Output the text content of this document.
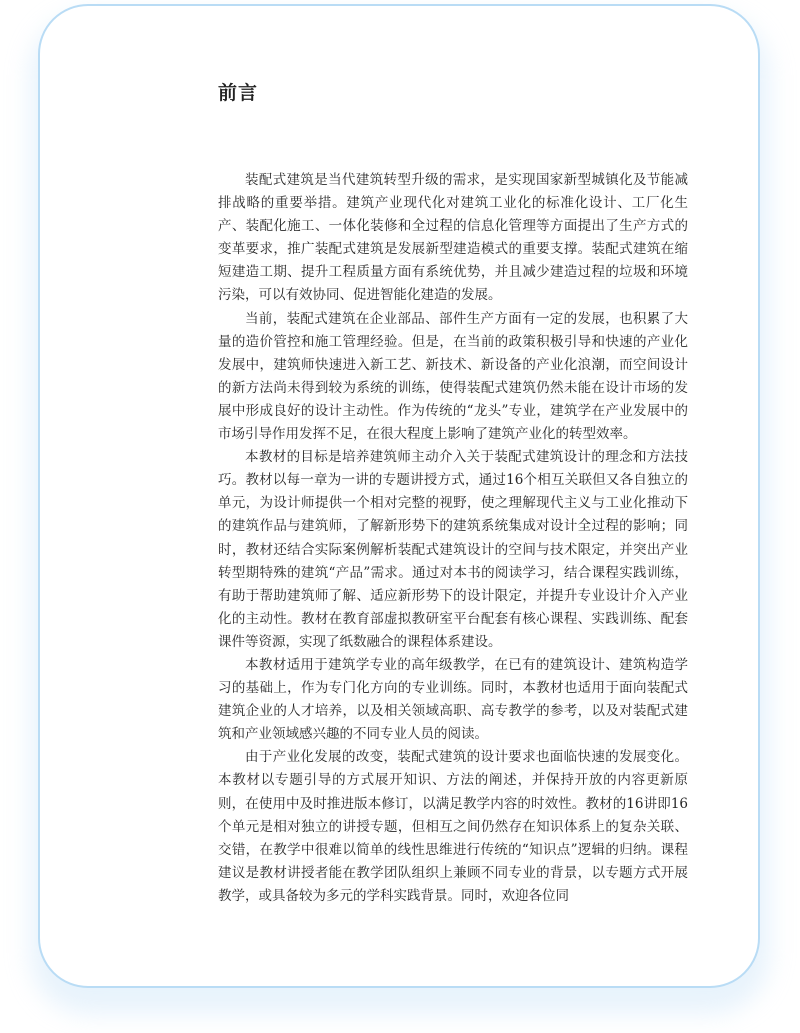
前言

装配式建筑是当代建筑转型升级的需求，是实现国家新型城镇化及节能减排战略的重要举措。建筑产业现代化对建筑工业化的标准化设计、工厂化生产、装配化施工、一体化装修和全过程的信息化管理等方面提出了生产方式的变革要求，推广装配式建筑是发展新型建造模式的重要支撑。装配式建筑在缩短建造工期、提升工程质量方面有系统优势，并且减少建造过程的垃圾和环境污染，可以有效协同、促进智能化建造的发展。

当前，装配式建筑在企业部品、部件生产方面有一定的发展，也积累了大量的造价管控和施工管理经验。但是，在当前的政策积极引导和快速的产业化发展中，建筑师快速进入新工艺、新技术、新设备的产业化浪潮，而空间设计的新方法尚未得到较为系统的训练，使得装配式建筑仍然未能在设计市场的发展中形成良好的设计主动性。作为传统的“龙头”专业，建筑学在产业发展中的市场引导作用发挥不足，在很大程度上影响了建筑产业化的转型效率。

本教材的目标是培养建筑师主动介入关于装配式建筑设计的理念和方法技巧。教材以每一章为一讲的专题讲授方式，通过16个相互关联但又各自独立的单元，为设计师提供一个相对完整的视野，使之理解现代主义与工业化推动下的建筑作品与建筑师，了解新形势下的建筑系统集成对设计全过程的影响；同时，教材还结合实际案例解析装配式建筑设计的空间与技术限定，并突出产业转型期特殊的建筑“产品”需求。通过对本书的阅读学习，结合课程实践训练，有助于帮助建筑师了解、适应新形势下的设计限定，并提升专业设计介入产业化的主动性。教材在教育部虚拟教研室平台配套有核心课程、实践训练、配套课件等资源，实现了纸数融合的课程体系建设。

本教材适用于建筑学专业的高年级教学，在已有的建筑设计、建筑构造学习的基础上，作为专门化方向的专业训练。同时，本教材也适用于面向装配式建筑企业的人才培养，以及相关领域高职、高专教学的参考，以及对装配式建筑和产业领域感兴趣的不同专业人员的阅读。

由于产业化发展的改变，装配式建筑的设计要求也面临快速的发展变化。本教材以专题引导的方式展开知识、方法的阐述，并保持开放的内容更新原则，在使用中及时推进版本修订，以满足教学内容的时效性。教材的16讲即16个单元是相对独立的讲授专题，但相互之间仍然存在知识体系上的复杂关联、交错，在教学中很难以简单的线性思维进行传统的“知识点”逻辑的归纳。课程建议是教材讲授者能在教学团队组织上兼顾不同专业的背景，以专题方式开展教学，或具备较为多元的学科实践背景。同时，欢迎各位同
